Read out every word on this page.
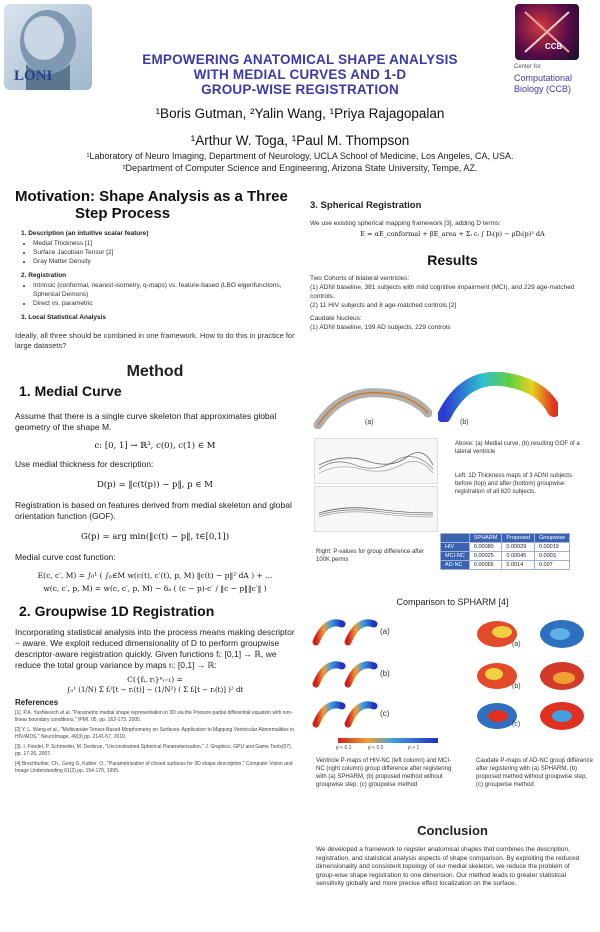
LONI
CCB
Center for
Computational Biology (CCB)
EMPOWERING ANATOMICAL SHAPE ANALYSIS
WITH MEDIAL CURVES AND 1-D
GROUP-WISE REGISTRATION
¹Boris Gutman, ²Yalin Wang, ¹Priya Rajagopalan
¹Arthur W. Toga, ¹Paul M. Thompson
¹Laboratory of Neuro Imaging, Department of Neurology, UCLA School of Medicine, Los Angeles, CA, USA.
²Department of Computer Science and Engineering, Arizona State University, Tempe, AZ.
Motivation: Shape Analysis as a Three
Step Process
1. Description (an intuitive scalar feature)
• Medial Thickness [1]
• Surface Jacobian Tensor [2]
• Gray Matter Density
2. Registration
• Intrinsic (conformal, nearest-isometry, q-maps) vs. feature-based (LBO eigenfunctions, Spherical Demons)
• Direct vs. parametric
3. Local Statistical Analysis
Ideally, all three should be combined in one framework. How to do this in practice for large datasets?
Method
1. Medial Curve
Assume that there is a single curve skeleton that approximates global geometry of the shape M.
c: [0, 1] → ℝ³, c(0), c(1) ∈ M
Use medial thickness for description:
D(p) = ‖c(t(p)) − p‖, p ∈ M
Registration is based on features derived from medial skeleton and global orientation function (GOF).
G(p) = arg min(‖c(t) − p‖, t∈[0,1])
Medial curve cost function:
E(c, c′, M) = ∫₀¹ ( ∫ₚ∈M w(c(t), c′(t), p, M) ‖c(t) − p‖² dA ) + ...
w(c, c′, p, M) = w(c, c′, p, M) − δₐ ( (c − p)·c′ / ‖c − p‖‖c′‖ )
2. Groupwise 1D Registration
Incorporating statistical analysis into the process means making descriptor − aware. We exploit reduced dimensionality of D to perform groupwise descriptor-aware registration quickly. Given functions fᵢ: [0,1] → ℝ, we reduce the total group variance by maps rᵢ: [0,1] → ℝ:
C({fᵢ, rᵢ}ⁿᵢ₌₁) =
∫₀¹ (1/N) Σ fᵢ²[t − rᵢ(t)] − (1/N²) ( Σ fᵢ[t − rᵢ(t)] )² dt
References
[1]. P.A. Yushkevich et al. "Parametric medial shape representation in 3D via the Poisson partial differential equation with non-linear boundary conditions," IPMI, 05, pp. 162-173, 2005.
[2] Y. L. Wang et al., "Multivariate Tensor-Based Morphometry on Surfaces: Application to Mapping Ventricular Abnormalities in HIV/AIDS," NeuroImage, 49(3) pp. 2141-57, 2010.
[3]. I. Friedel, P. Schroeder, M. Desbrun, "Unconstrained Spherical Parameterization," J. Graphics, GPU and Game Tools(07), pp. 17-26, 2007.
[4] Brechbuhler, Ch., Gerig G, Kubler, O., "Parametrization of closed surfaces for 3D shape description," Computer Vision and Image Understanding 61(2) pp. 154-170, 1995.
3. Spherical Registration
We use existing spherical mapping framework [3], adding D terms:
E = αE_conformal + βE_area + Σᵢ cᵢ ∫ Dᵢ(p) − ρDᵢ(p)² dA
Results
Two Cohorts of bilateral ventricles:
(1) ADNI baseline, 381 subjects with mild cognitive impairment (MCI), and 229 age-matched controls.
(2) 11 HIV subjects and 8 age-matched controls [2]
Caudate Nucleus:
(1) ADNI baseline, 199 AD subjects, 229 controls
(a)	(b)
Above: (a) Medial curve, (b) resulting GOF of a lateral ventricle
Left: 1D Thickness maps of 3 ADNI subjects before (top) and after (bottom) groupwise registration of all 620 subjects.
Right: P-values for group difference after 100K perms
	SPHARM	Proposed	Groupwise
HIV	0.00080	0.00029	0.00019
MCI-NC	0.00025	0.00045	0.0003
AD-NC	0.00065	0.0014	0.007
Comparison to SPHARM [4]
(a)
(b)
(c)
(a)
(b)
(c)
p < 0.1	p < 0.5	p > 1
Ventricle P-maps of HIV-NC (left column) and MCI-NC (right column) group difference after registering with (a) SPHARM, (b) proposed method without groupwise step, (c) groupwise method
Caudate P-maps of AD-NC group difference after registering with (a) SPHARM, (b) proposed method without groupwise step, (c) groupwise method
Conclusion
We developed a framework to register anatomical shapes that combines the description, registration, and statistical analysis aspects of shape comparison. By exploiting the reduced dimensionality and consistent topology of our medial skeleton, we reduce the problem of group-wise shape registration to one dimension. Our method leads to greater statistical sensitivity globally and more precise effect localization on the surface.
